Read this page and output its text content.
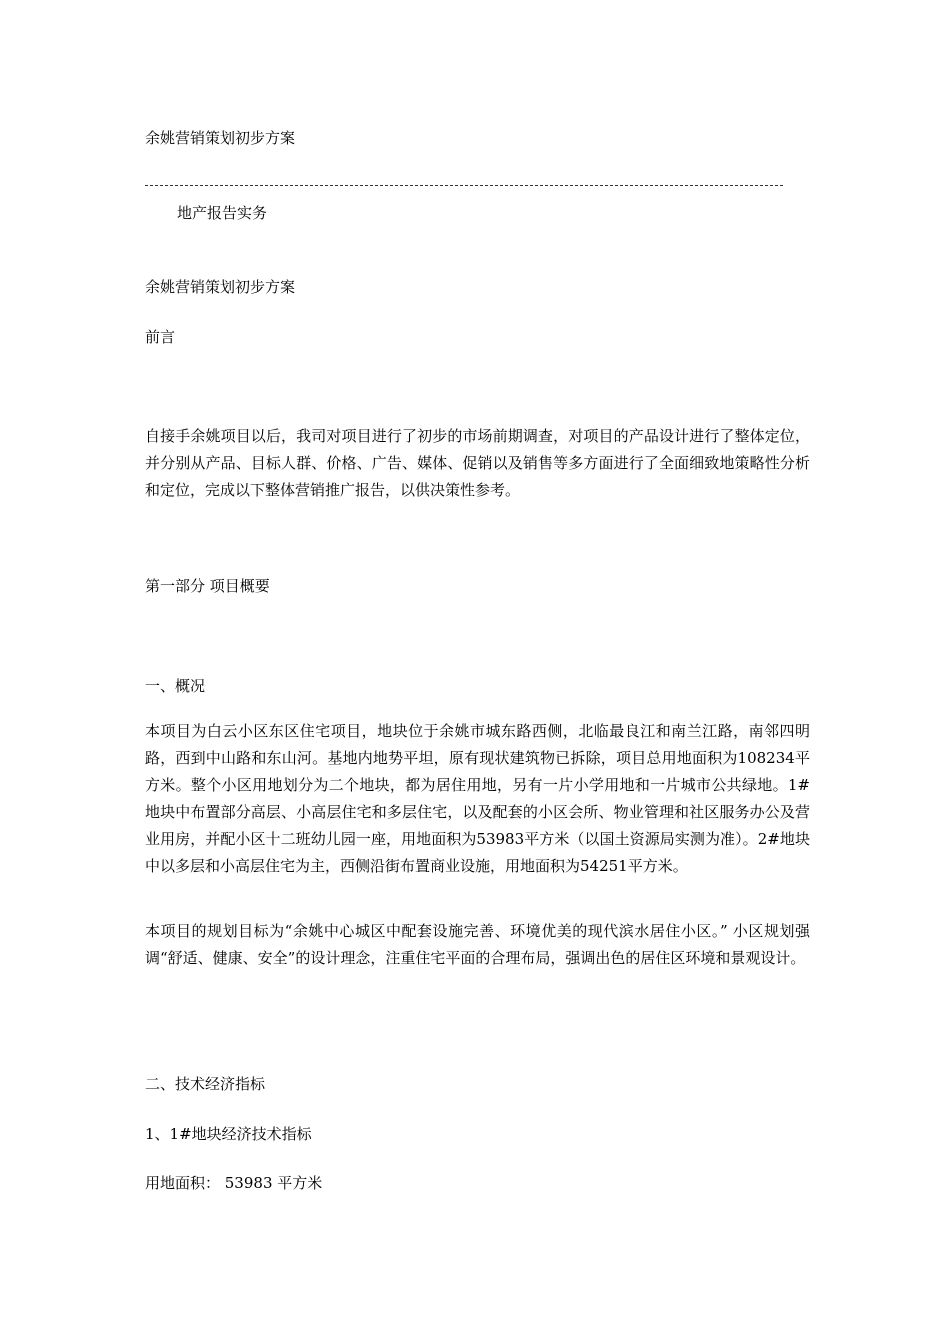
余姚营销策划初步方案

地产报告实务

余姚营销策划初步方案

前言

自接手余姚项目以后，我司对项目进行了初步的市场前期调查，对项目的产品设计进行了整体定位，并分别从产品、目标人群、价格、广告、媒体、促销以及销售等多方面进行了全面细致地策略性分析和定位，完成以下整体营销推广报告，以供决策性参考。

第一部分 项目概要

一、概况

本项目为白云小区东区住宅项目，地块位于余姚市城东路西侧，北临最良江和南兰江路，南邻四明路，西到中山路和东山河。基地内地势平坦，原有现状建筑物已拆除，项目总用地面积为108234平方米。整个小区用地划分为二个地块，都为居住用地，另有一片小学用地和一片城市公共绿地。1#地块中布置部分高层、小高层住宅和多层住宅，以及配套的小区会所、物业管理和社区服务办公及营业用房，并配小区十二班幼儿园一座，用地面积为53983平方米（以国土资源局实测为准）。2#地块中以多层和小高层住宅为主，西侧沿街布置商业设施，用地面积为54251平方米。

本项目的规划目标为“余姚中心城区中配套设施完善、环境优美的现代滨水居住小区。” 小区规划强调“舒适、健康、安全”的设计理念，注重住宅平面的合理布局，强调出色的居住区环境和景观设计。

二、技术经济指标

1、1#地块经济技术指标

用地面积： 53983 平方米
